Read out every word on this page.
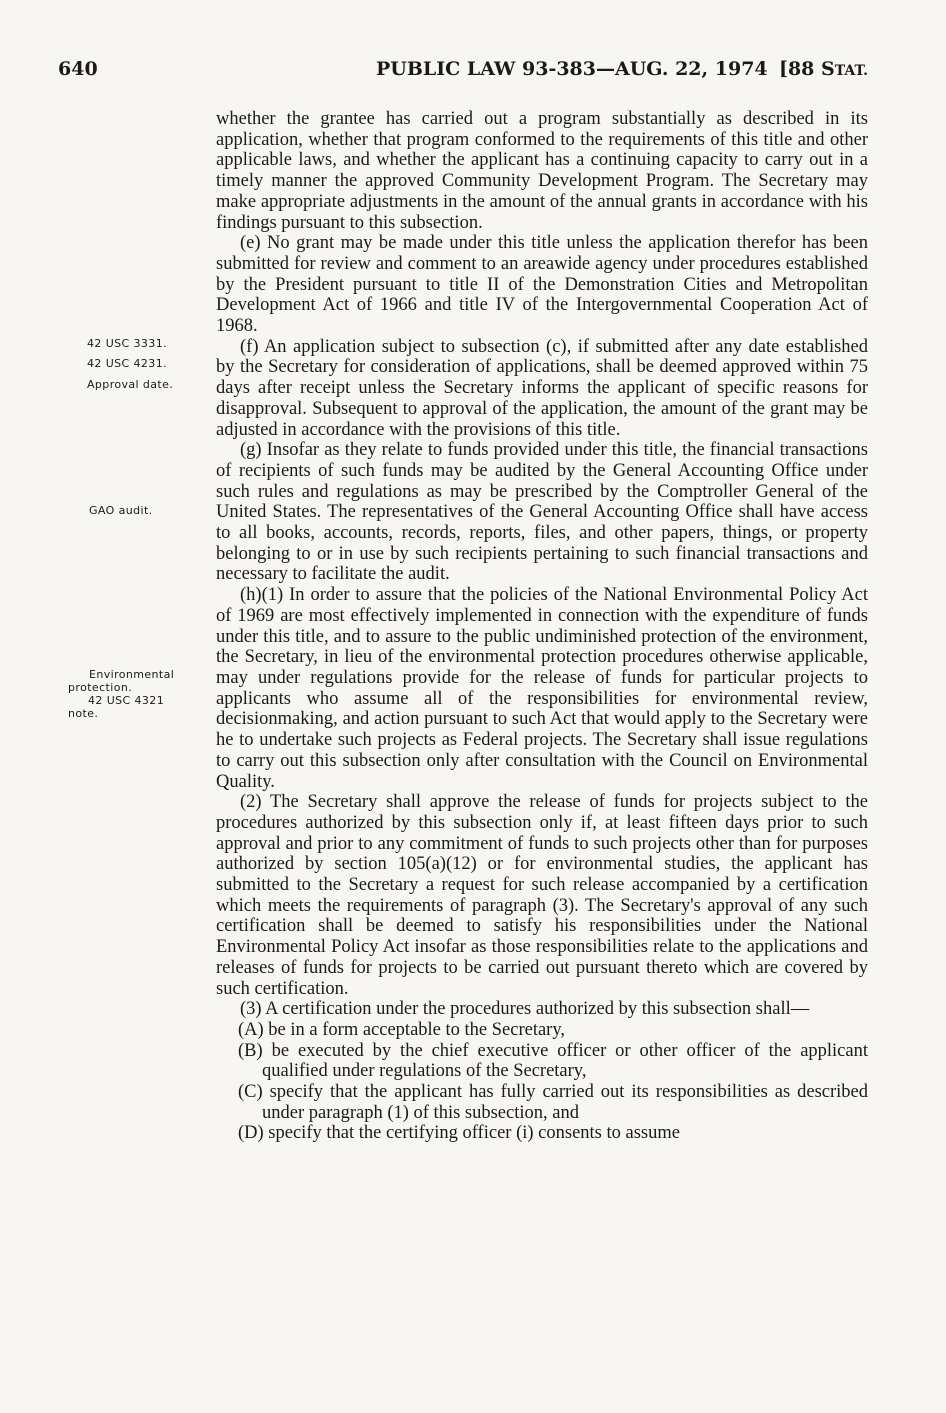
640	PUBLIC LAW 93-383—AUG. 22, 1974 [88 STAT.
42 USC 3331.
42 USC 4231.
Approval date.
GAO audit.
Environmental
protection.
42 USC 4321
note.

whether the grantee has carried out a program substantially as described in its application, whether that program conformed to the requirements of this title and other applicable laws, and whether the applicant has a continuing capacity to carry out in a timely manner the approved Community Development Program. The Secretary may make appropriate adjustments in the amount of the annual grants in accordance with his findings pursuant to this subsection.

(e) No grant may be made under this title unless the application therefor has been submitted for review and comment to an areawide agency under procedures established by the President pursuant to title II of the Demonstration Cities and Metropolitan Development Act of 1966 and title IV of the Intergovernmental Cooperation Act of 1968.

(f) An application subject to subsection (c), if submitted after any date established by the Secretary for consideration of applications, shall be deemed approved within 75 days after receipt unless the Secretary informs the applicant of specific reasons for disapproval. Subsequent to approval of the application, the amount of the grant may be adjusted in accordance with the provisions of this title.

(g) Insofar as they relate to funds provided under this title, the financial transactions of recipients of such funds may be audited by the General Accounting Office under such rules and regulations as may be prescribed by the Comptroller General of the United States. The representatives of the General Accounting Office shall have access to all books, accounts, records, reports, files, and other papers, things, or property belonging to or in use by such recipients pertaining to such financial transactions and necessary to facilitate the audit.

(h)(1) In order to assure that the policies of the National Environmental Policy Act of 1969 are most effectively implemented in connection with the expenditure of funds under this title, and to assure to the public undiminished protection of the environment, the Secretary, in lieu of the environmental protection procedures otherwise applicable, may under regulations provide for the release of funds for particular projects to applicants who assume all of the responsibilities for environmental review, decisionmaking, and action pursuant to such Act that would apply to the Secretary were he to undertake such projects as Federal projects. The Secretary shall issue regulations to carry out this subsection only after consultation with the Council on Environmental Quality.

(2) The Secretary shall approve the release of funds for projects subject to the procedures authorized by this subsection only if, at least fifteen days prior to such approval and prior to any commitment of funds to such projects other than for purposes authorized by section 105(a)(12) or for environmental studies, the applicant has submitted to the Secretary a request for such release accompanied by a certification which meets the requirements of paragraph (3). The Secretary's approval of any such certification shall be deemed to satisfy his responsibilities under the National Environmental Policy Act insofar as those responsibilities relate to the applications and releases of funds for projects to be carried out pursuant thereto which are covered by such certification.

(3) A certification under the procedures authorized by this subsection shall—

(A) be in a form acceptable to the Secretary,

(B) be executed by the chief executive officer or other officer of the applicant qualified under regulations of the Secretary,

(C) specify that the applicant has fully carried out its responsibilities as described under paragraph (1) of this subsection, and

(D) specify that the certifying officer (i) consents to assume
